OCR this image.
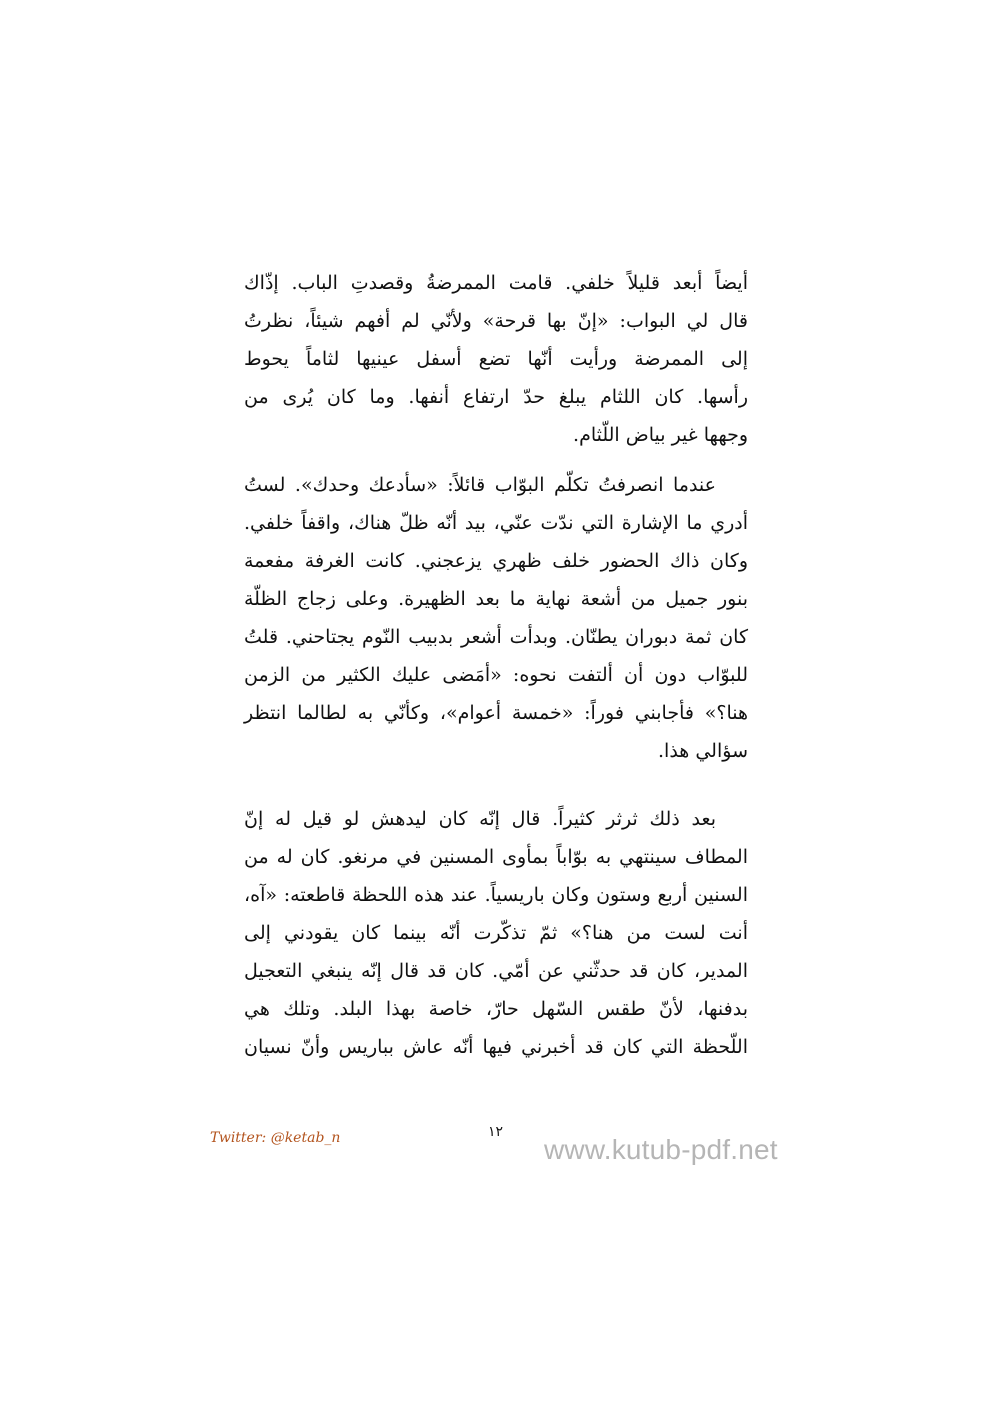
أيضاً أبعد قليلاً خلفي. قامت الممرضةُ وقصدتِ الباب. إذّاك
قال لي البواب: «إنّ بها قرحة» ولأنّي لم أفهم شيئاً، نظرتُ
إلى الممرضة ورأيت أنّها تضع أسفل عينيها لثاماً يحوط
رأسها. كان اللثام يبلغ حدّ ارتفاع أنفها. وما كان يُرى من
وجهها غير بياض اللّثام.
عندما انصرفتُ تكلّم البوّاب قائلاً: «سأدعك وحدك». لستُ
أدري ما الإشارة التي ندّت عنّي، بيد أنّه ظلّ هناك، واقفاً خلفي.
وكان ذاك الحضور خلف ظهري يزعجني. كانت الغرفة مفعمة
بنور جميل من أشعة نهاية ما بعد الظهيرة. وعلى زجاج الظلّة
كان ثمة دبوران يطنّان. وبدأت أشعر بدبيب النّوم يجتاحني. قلتُ
للبوّاب دون أن ألتفت نحوه: «أمَضى عليك الكثير من الزمن
هنا؟» فأجابني فوراً: «خمسة أعوام»، وكأنّي به لطالما انتظر
سؤالي هذا.
بعد ذلك ثرثر كثيراً. قال إنّه كان ليدهش لو قيل له إنّ
المطاف سينتهي به بوّاباً بمأوى المسنين في مرنغو. كان له من
السنين أربع وستون وكان باريسياً. عند هذه اللحظة قاطعته: «آه،
أنت لست من هنا؟» ثمّ تذكّرت أنّه بينما كان يقودني إلى
المدير، كان قد حدثّني عن أمّي. كان قد قال إنّه ينبغي التعجيل
بدفنها، لأنّ طقس السّهل حارّ، خاصة بهذا البلد. وتلك هي
اللّحظة التي كان قد أخبرني فيها أنّه عاش بباريس وأنّ نسيان
Twitter: @ketab_n	١٢
www.kutub-pdf.net
